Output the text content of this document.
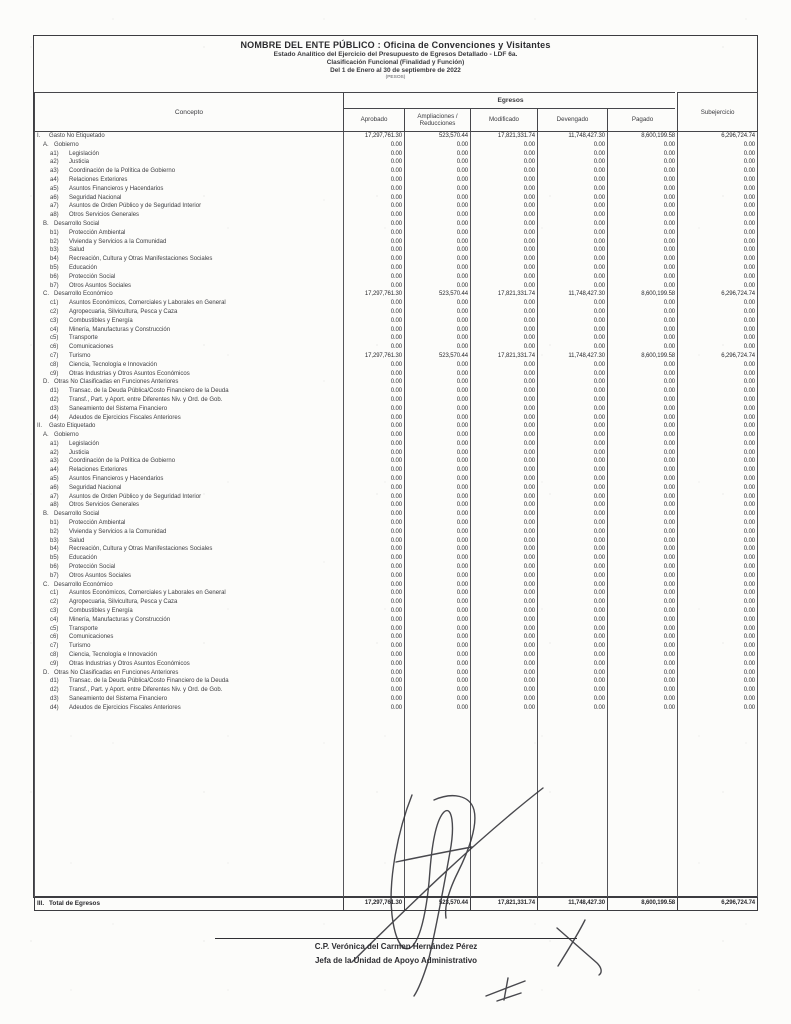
NOMBRE DEL ENTE PÚBLICO : Oficina de Convenciones y Visitantes
Estado Analítico del Ejercicio del Presupuesto de Egresos Detallado - LDF 6a.
Clasificación Funcional (Finalidad y Función)
Del 1 de Enero al 30 de septiembre de 2022
(PESOS)
Concepto	Egresos					Subejercicio
	Aprobado	Ampliaciones / Reducciones	Modificado	Devengado	Pagado	
I. Gasto No Etiquetado	17,297,761.30	523,570.44	17,821,331.74	11,748,427.30	8,600,199.58	6,296,724.74
A. Gobierno	0.00	0.00	0.00	0.00	0.00	0.00
a1) Legislación	0.00	0.00	0.00	0.00	0.00	0.00
a2) Justicia	0.00	0.00	0.00	0.00	0.00	0.00
a3) Coordinación de la Política de Gobierno	0.00	0.00	0.00	0.00	0.00	0.00
a4) Relaciones Exteriores	0.00	0.00	0.00	0.00	0.00	0.00
a5) Asuntos Financieros y Hacendarios	0.00	0.00	0.00	0.00	0.00	0.00
a6) Seguridad Nacional	0.00	0.00	0.00	0.00	0.00	0.00
a7) Asuntos de Orden Público y de Seguridad Interior	0.00	0.00	0.00	0.00	0.00	0.00
a8) Otros Servicios Generales	0.00	0.00	0.00	0.00	0.00	0.00
B. Desarrollo Social	0.00	0.00	0.00	0.00	0.00	0.00
b1) Protección Ambiental	0.00	0.00	0.00	0.00	0.00	0.00
b2) Vivienda y Servicios a la Comunidad	0.00	0.00	0.00	0.00	0.00	0.00
b3) Salud	0.00	0.00	0.00	0.00	0.00	0.00
b4) Recreación, Cultura y Otras Manifestaciones Sociales	0.00	0.00	0.00	0.00	0.00	0.00
b5) Educación	0.00	0.00	0.00	0.00	0.00	0.00
b6) Protección Social	0.00	0.00	0.00	0.00	0.00	0.00
b7) Otros Asuntos Sociales	0.00	0.00	0.00	0.00	0.00	0.00
C. Desarrollo Económico	17,297,761.30	523,570.44	17,821,331.74	11,748,427.30	8,600,199.58	6,296,724.74
c1) Asuntos Económicos, Comerciales y Laborales en General	0.00	0.00	0.00	0.00	0.00	0.00
c2) Agropecuaria, Silvicultura, Pesca y Caza	0.00	0.00	0.00	0.00	0.00	0.00
c3) Combustibles y Energía	0.00	0.00	0.00	0.00	0.00	0.00
c4) Minería, Manufacturas y Construcción	0.00	0.00	0.00	0.00	0.00	0.00
c5) Transporte	0.00	0.00	0.00	0.00	0.00	0.00
c6) Comunicaciones	0.00	0.00	0.00	0.00	0.00	0.00
c7) Turismo	17,297,761.30	523,570.44	17,821,331.74	11,748,427.30	8,600,199.58	6,296,724.74
c8) Ciencia, Tecnología e Innovación	0.00	0.00	0.00	0.00	0.00	0.00
c9) Otras Industrias y Otros Asuntos Económicos	0.00	0.00	0.00	0.00	0.00	0.00
D. Otras No Clasificadas en Funciones Anteriores	0.00	0.00	0.00	0.00	0.00	0.00
d1) Transac. de la Deuda Pública/Costo Financiero de la Deuda	0.00	0.00	0.00	0.00	0.00	0.00
d2) Transf., Part. y Aport. entre Diferentes Niv. y Órd. de Gob.	0.00	0.00	0.00	0.00	0.00	0.00
d3) Saneamiento del Sistema Financiero	0.00	0.00	0.00	0.00	0.00	0.00
d4) Adeudos de Ejercicios Fiscales Anteriores	0.00	0.00	0.00	0.00	0.00	0.00
II. Gasto Etiquetado	0.00	0.00	0.00	0.00	0.00	0.00
A. Gobierno	0.00	0.00	0.00	0.00	0.00	0.00
a1) Legislación	0.00	0.00	0.00	0.00	0.00	0.00
a2) Justicia	0.00	0.00	0.00	0.00	0.00	0.00
a3) Coordinación de la Política de Gobierno	0.00	0.00	0.00	0.00	0.00	0.00
a4) Relaciones Exteriores	0.00	0.00	0.00	0.00	0.00	0.00
a5) Asuntos Financieros y Hacendarios	0.00	0.00	0.00	0.00	0.00	0.00
a6) Seguridad Nacional	0.00	0.00	0.00	0.00	0.00	0.00
a7) Asuntos de Orden Público y de Seguridad Interior	0.00	0.00	0.00	0.00	0.00	0.00
a8) Otros Servicios Generales	0.00	0.00	0.00	0.00	0.00	0.00
B. Desarrollo Social	0.00	0.00	0.00	0.00	0.00	0.00
b1) Protección Ambiental	0.00	0.00	0.00	0.00	0.00	0.00
b2) Vivienda y Servicios a la Comunidad	0.00	0.00	0.00	0.00	0.00	0.00
b3) Salud	0.00	0.00	0.00	0.00	0.00	0.00
b4) Recreación, Cultura y Otras Manifestaciones Sociales	0.00	0.00	0.00	0.00	0.00	0.00
b5) Educación	0.00	0.00	0.00	0.00	0.00	0.00
b6) Protección Social	0.00	0.00	0.00	0.00	0.00	0.00
b7) Otros Asuntos Sociales	0.00	0.00	0.00	0.00	0.00	0.00
C. Desarrollo Económico	0.00	0.00	0.00	0.00	0.00	0.00
c1) Asuntos Económicos, Comerciales y Laborales en General	0.00	0.00	0.00	0.00	0.00	0.00
c2) Agropecuaria, Silvicultura, Pesca y Caza	0.00	0.00	0.00	0.00	0.00	0.00
c3) Combustibles y Energía	0.00	0.00	0.00	0.00	0.00	0.00
c4) Minería, Manufacturas y Construcción	0.00	0.00	0.00	0.00	0.00	0.00
c5) Transporte	0.00	0.00	0.00	0.00	0.00	0.00
c6) Comunicaciones	0.00	0.00	0.00	0.00	0.00	0.00
c7) Turismo	0.00	0.00	0.00	0.00	0.00	0.00
c8) Ciencia, Tecnología e Innovación	0.00	0.00	0.00	0.00	0.00	0.00
c9) Otras Industrias y Otros Asuntos Económicos	0.00	0.00	0.00	0.00	0.00	0.00
D. Otras No Clasificadas en Funciones Anteriores	0.00	0.00	0.00	0.00	0.00	0.00
d1) Transac. de la Deuda Pública/Costo Financiero de la Deuda	0.00	0.00	0.00	0.00	0.00	0.00
d2) Transf., Part. y Aport. entre Diferentes Niv. y Órd. de Gob.	0.00	0.00	0.00	0.00	0.00	0.00
d3) Saneamiento del Sistema Financiero	0.00	0.00	0.00	0.00	0.00	0.00
d4) Adeudos de Ejercicios Fiscales Anteriores	0.00	0.00	0.00	0.00	0.00	0.00

III. Total de Egresos	17,297,761.30	523,570.44	17,821,331.74	11,748,427.30	8,600,199.58	6,296,724.74
C.P. Verónica del Carmen Hernández Pérez
Jefa de la Unidad de Apoyo Administrativo
